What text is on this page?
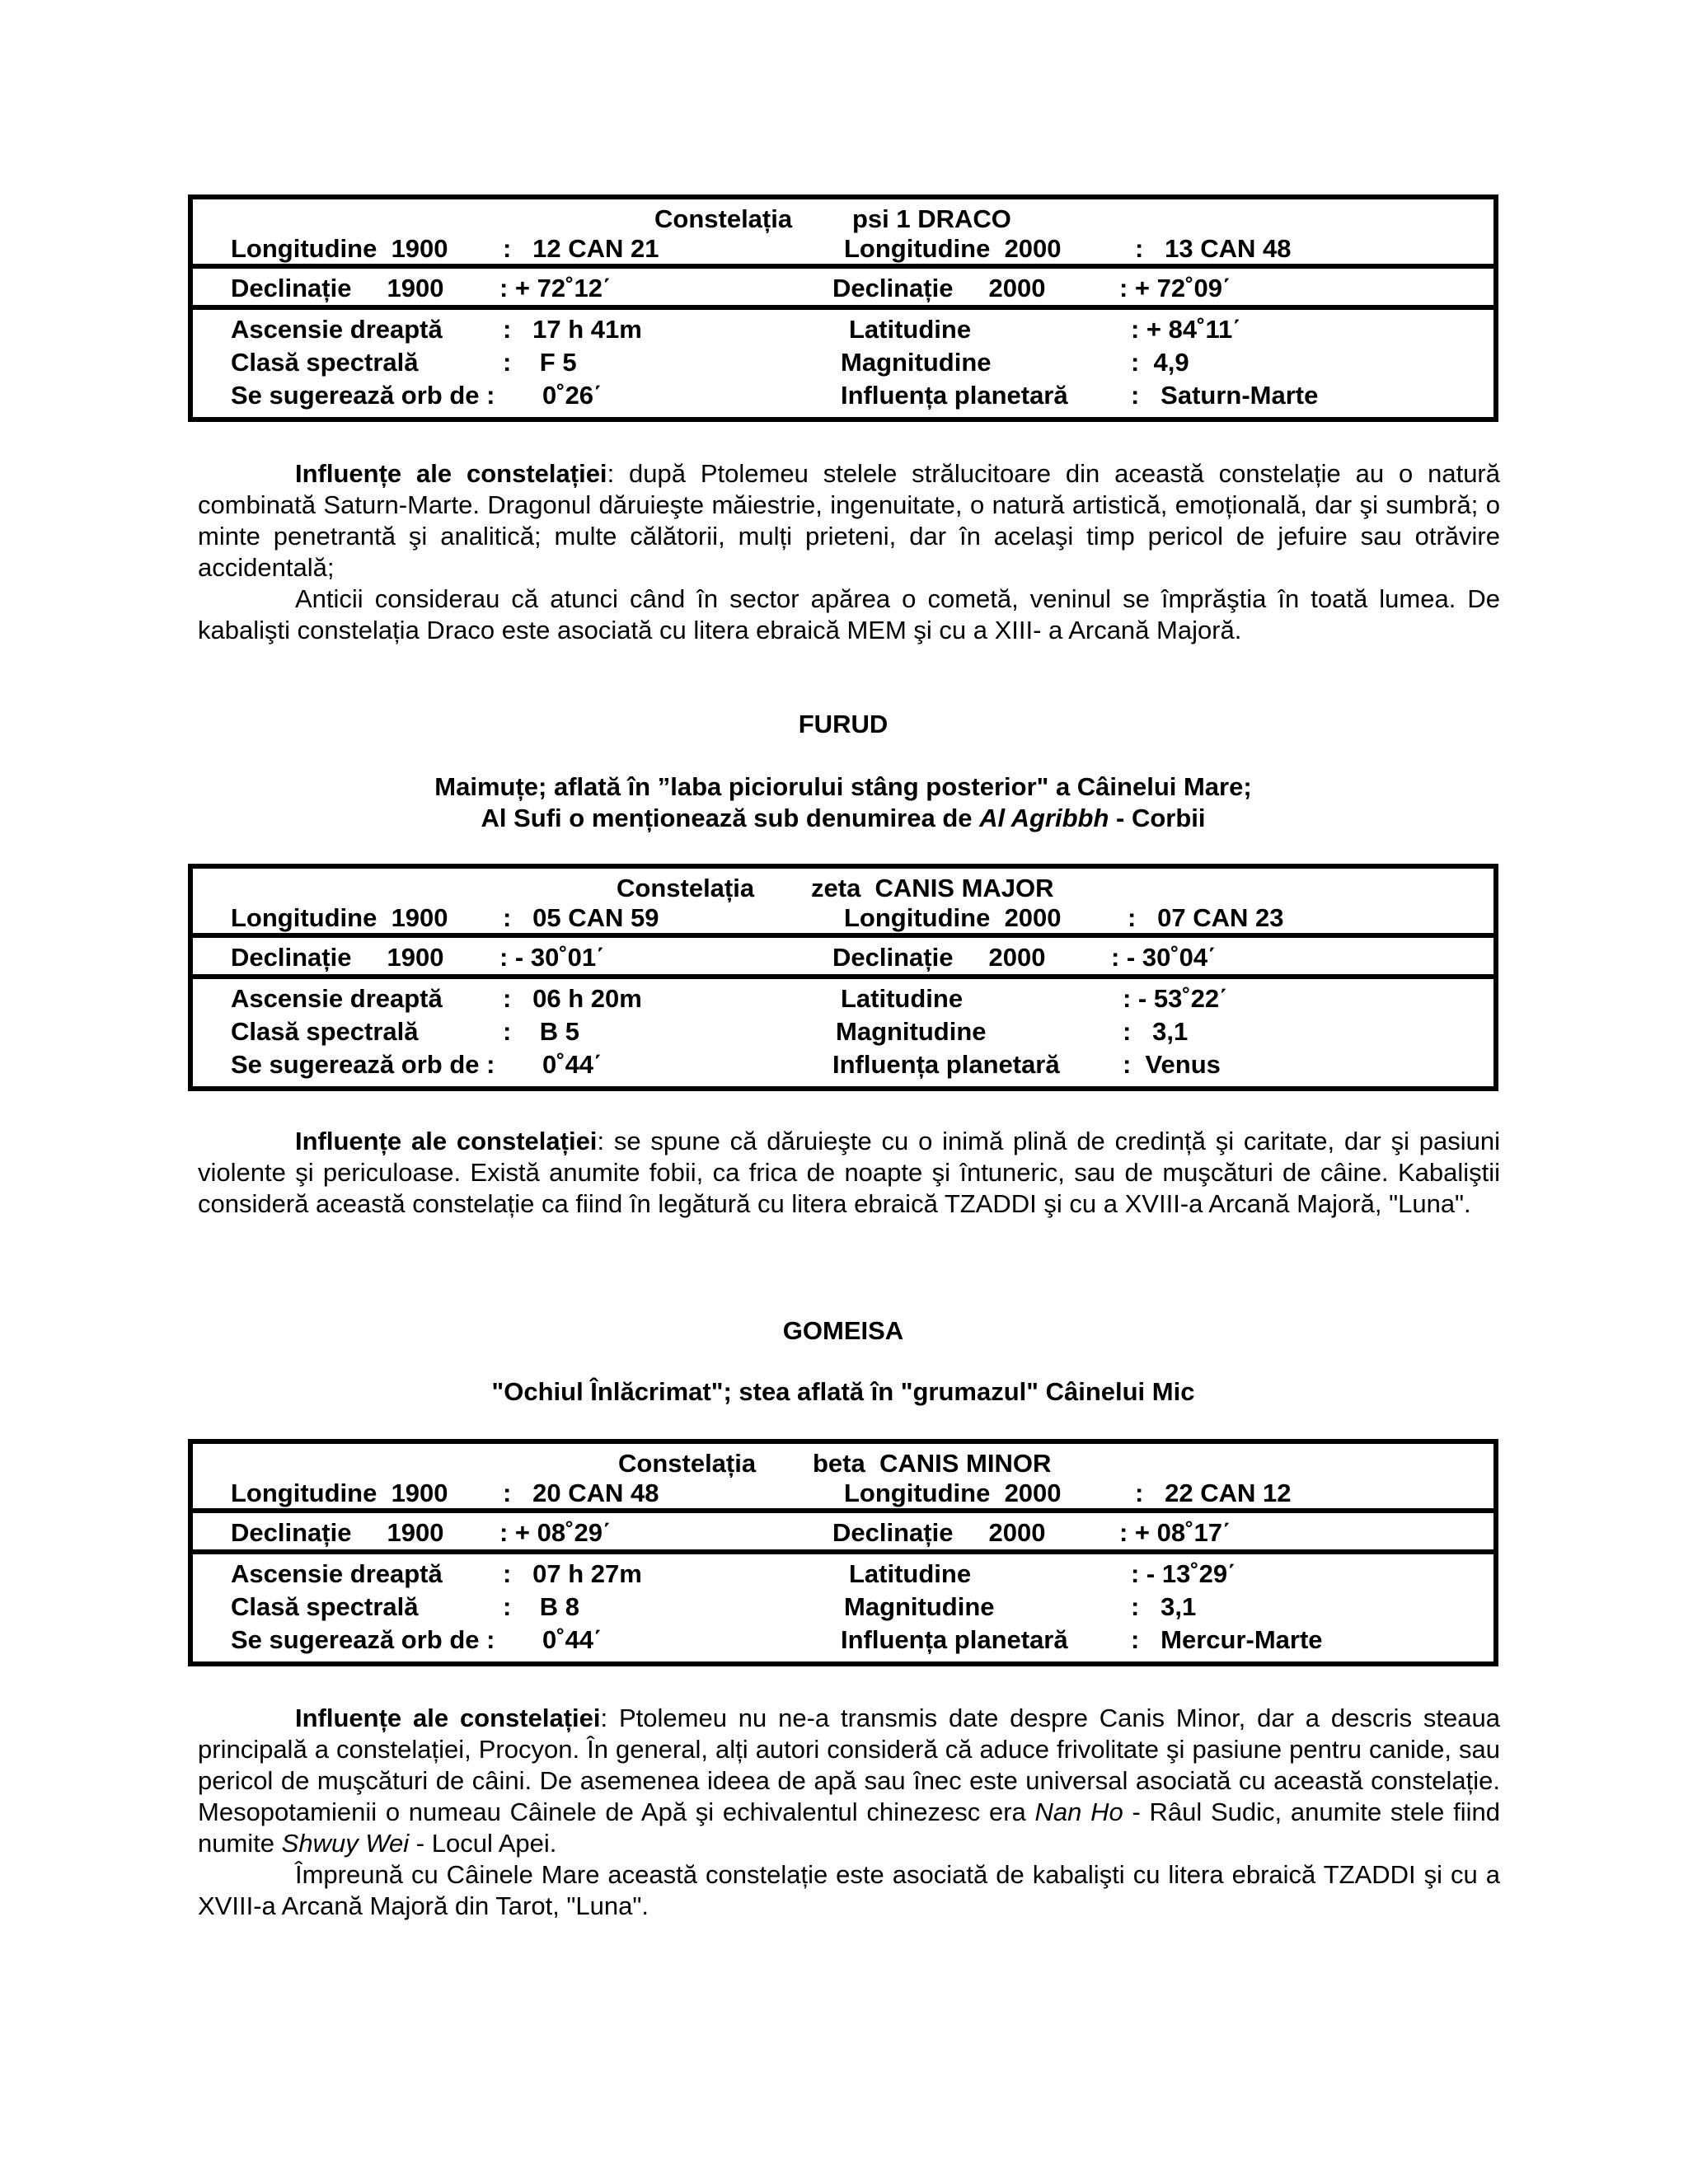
Constelația psi 1 DRACO
Longitudine  1900 :   12 CAN 21	Longitudine  2000	:   13 CAN 48
Declinație     1900 : + 72˚12΄	Declinație     2000	: + 72˚09΄
Ascensie dreaptă :   17 h 41m	Latitudine	: + 84˚11΄
Clasă spectrală	:    F 5	Magnitudine	:  4,9
Se sugerează orb de : 0˚26΄	Influența planetară :   Saturn-Marte

Influențe ale constelației: după Ptolemeu stelele strălucitoare din această constelație au o natură combinată Saturn-Marte. Dragonul dăruieşte măiestrie, ingenuitate, o natură artistică, emoțională, dar şi sumbră; o minte penetrantă şi analitică; multe călătorii, mulți prieteni, dar în acelaşi timp pericol de jefuire sau otrăvire accidentală;

Anticii considerau că atunci când în sector apărea o cometă, veninul se împrăştia în toată lumea. De kabalişti constelația Draco este asociată cu litera ebraică MEM şi cu a XIII- a Arcană Majoră.

FURUD

Maimuțe; aflată în ”laba piciorului stâng posterior" a Câinelui Mare;

Al Sufi o menționează sub denumirea de Al Agribbh - Corbii

Constelația zeta  CANIS MAJOR
Longitudine  1900 :   05 CAN 59	Longitudine  2000	:   07 CAN 23
Declinație     1900 : - 30˚01΄	Declinație     2000	: - 30˚04΄
Ascensie dreaptă :   06 h 20m	Latitudine	: - 53˚22΄
Clasă spectrală	:    B 5	Magnitudine	:   3,1
Se sugerează orb de : 0˚44΄	Influența planetară :  Venus

Influențe ale constelației: se spune că dăruieşte cu o inimă plină de credință şi caritate, dar şi pasiuni violente şi periculoase. Există anumite fobii, ca frica de noapte şi întuneric, sau de muşcături de câine. Kabaliştii consideră această constelație ca fiind în legătură cu litera ebraică TZADDI şi cu a XVIII-a Arcană Majoră, "Luna".

GOMEISA

"Ochiul Înlăcrimat"; stea aflată în "grumazul" Câinelui Mic

Constelația beta  CANIS MINOR
Longitudine  1900 :   20 CAN 48	Longitudine  2000	:   22 CAN 12
Declinație     1900 : + 08˚29΄	Declinație     2000	: + 08˚17΄
Ascensie dreaptă :   07 h 27m	Latitudine	: - 13˚29΄
Clasă spectrală	:    B 8	Magnitudine	:   3,1
Se sugerează orb de : 0˚44΄	Influența planetară :   Mercur-Marte

Influențe ale constelației: Ptolemeu nu ne-a transmis date despre Canis Minor, dar a descris steaua principală a constelației, Procyon. În general, alți autori consideră că aduce frivolitate şi pasiune pentru canide, sau pericol de muşcături de câini. De asemenea ideea de apă sau înec este universal asociată cu această constelație. Mesopotamienii o numeau Câinele de Apă şi echivalentul chinezesc era Nan Ho - Râul Sudic, anumite stele fiind numite Shwuy Wei - Locul Apei.

Împreună cu Câinele Mare această constelație este asociată de kabalişti cu litera ebraică TZADDI şi cu a XVIII-a Arcană Majoră din Tarot, "Luna".
